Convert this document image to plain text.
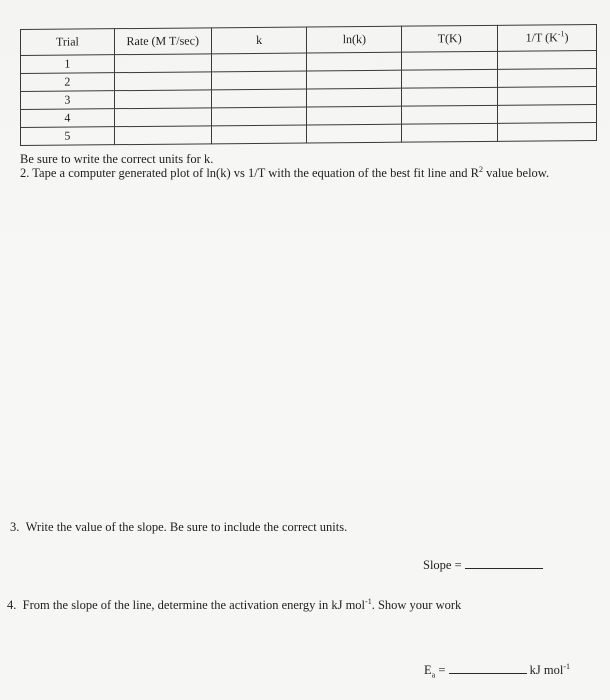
Trial	Rate (M T/sec)	k	ln(k)	T(K)	1/T $(K^{-1})$
1					
2					
3					
4					
5					
Be sure to write the correct units for k.
2. Tape a computer generated plot of ln(k) vs 1/T with the equation of the best fit line and $R^2$ value below.
3. Write the value of the slope. Be sure to include the correct units.
Slope =
4. From the slope of the line, determine the activation energy in kJ mol$^{-1}$. Show your work
$E_a$ =	kJ mol$^{-1}$
